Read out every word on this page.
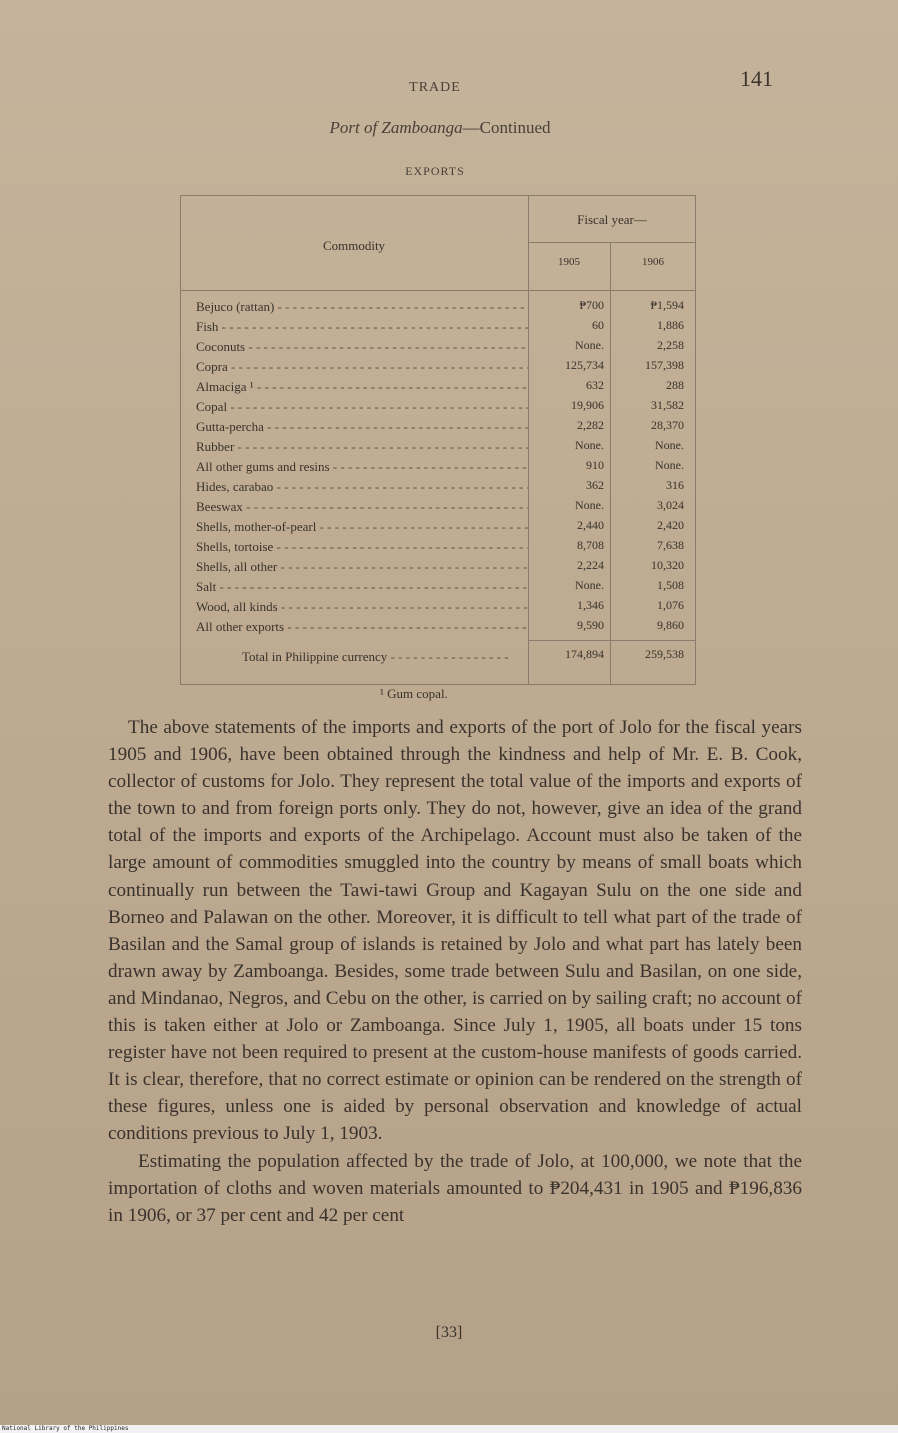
TRADE	141
Port of Zamboanga—Continued
EXPORTS
Commodity
Fiscal year—
1905	1906
Bejuco (rattan) - - -	₱700	₱1,594
Fish - - -	60	1,886
Coconuts - - -	None.	2,258
Copra - - -	125,734	157,398
Almaciga ¹ - - -	632	288
Copal - - -	19,906	31,582
Gutta-percha - - -	2,282	28,370
Rubber - - -	None.	None.
All other gums and resins - - -	910	None.
Hides, carabao - - -	362	316
Beeswax - - -	None.	3,024
Shells, mother-of-pearl - - -	2,440	2,420
Shells, tortoise - - -	8,708	7,638
Shells, all other - - -	2,224	10,320
Salt - - -	None.	1,508
Wood, all kinds - - -	1,346	1,076
All other exports - - -	9,590	9,860
Total in Philippine currency - - -	174,894	259,538
¹ Gum copal.

The above statements of the imports and exports of the port of Jolo for the fiscal years 1905 and 1906, have been obtained through the kindness and help of Mr. E. B. Cook, collector of customs for Jolo. They represent the total value of the imports and exports of the town to and from foreign ports only. They do not, however, give an idea of the grand total of the imports and exports of the Archipelago. Account must also be taken of the large amount of commodities smuggled into the country by means of small boats which continually run between the Tawi-tawi Group and Kagayan Sulu on the one side and Borneo and Palawan on the other. Moreover, it is difficult to tell what part of the trade of Basilan and the Samal group of islands is retained by Jolo and what part has lately been drawn away by Zamboanga. Besides, some trade between Sulu and Basilan, on one side, and Mindanao, Negros, and Cebu on the other, is carried on by sailing craft; no account of this is taken either at Jolo or Zamboanga. Since July 1, 1905, all boats under 15 tons register have not been required to present at the custom-house manifests of goods carried. It is clear, therefore, that no correct estimate or opinion can be rendered on the strength of these figures, unless one is aided by personal observation and knowledge of actual conditions previous to July 1, 1903.

Estimating the population affected by the trade of Jolo, at 100,000, we note that the importation of cloths and woven materials amounted to ₱204,431 in 1905 and ₱196,836 in 1906, or 37 per cent and 42 per cent

[33]
National Library of the Philippines
